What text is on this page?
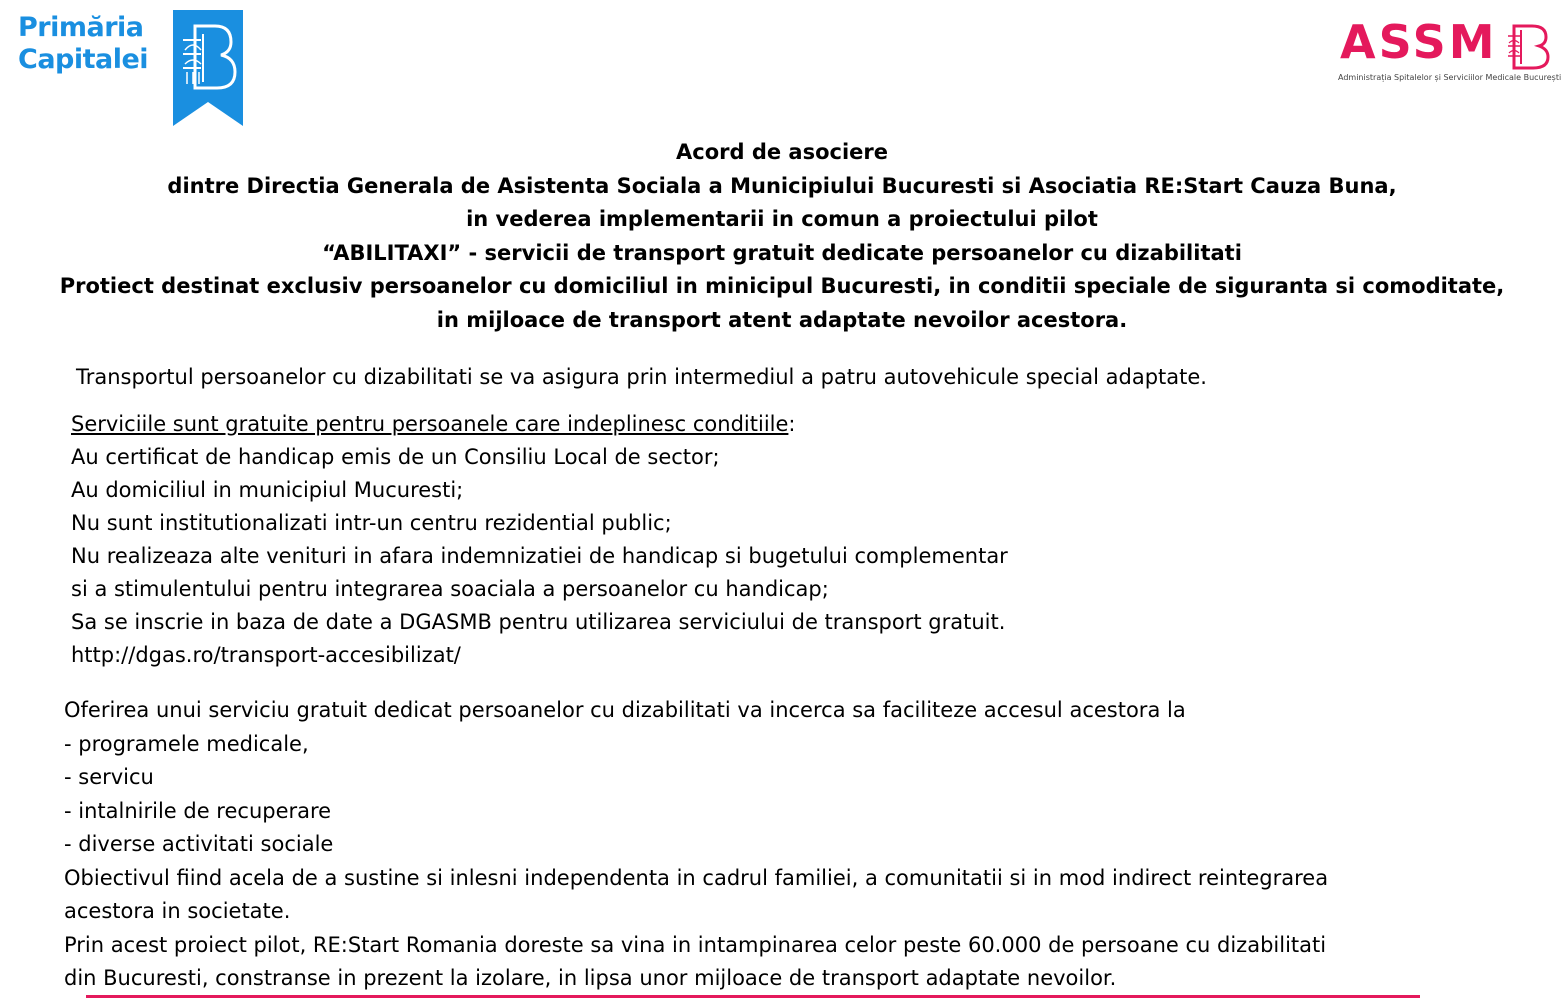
Primăria
Capitalei	ASSM
Administrația Spitalelor și Serviciilor Medicale București
Acord de asociere
dintre Directia Generala de Asistenta Sociala a Municipiului Bucuresti si Asociatia RE:Start Cauza Buna,
in vederea implementarii in comun a proiectului pilot
“ABILITAXI” - servicii de transport gratuit dedicate persoanelor cu dizabilitati
Protiect destinat exclusiv persoanelor cu domiciliul in minicipul Bucuresti, in conditii speciale de siguranta si comoditate,
in mijloace de transport atent adaptate nevoilor acestora.
Transportul persoanelor cu dizabilitati se va asigura prin intermediul a patru autovehicule special adaptate.
Serviciile sunt gratuite pentru persoanele care indeplinesc conditiile:
Au certificat de handicap emis de un Consiliu Local de sector;
Au domiciliul in municipiul Mucuresti;
Nu sunt institutionalizati intr-un centru rezidential public;
Nu realizeaza alte venituri in afara indemnizatiei de handicap si bugetului complementar
si a stimulentului pentru integrarea soaciala a persoanelor cu handicap;
Sa se inscrie in baza de date a DGASMB pentru utilizarea serviciului de transport gratuit.
http://dgas.ro/transport-accesibilizat/
Oferirea unui serviciu gratuit dedicat persoanelor cu dizabilitati va incerca sa faciliteze accesul acestora la
- programele medicale,
- servicu
- intalnirile de recuperare
- diverse activitati sociale
Obiectivul fiind acela de a sustine si inlesni independenta in cadrul familiei, a comunitatii si in mod indirect reintegrarea
acestora in societate.
Prin acest proiect pilot, RE:Start Romania doreste sa vina in intampinarea celor peste 60.000 de persoane cu dizabilitati
din Bucuresti, constranse in prezent la izolare, in lipsa unor mijloace de transport adaptate nevoilor.
